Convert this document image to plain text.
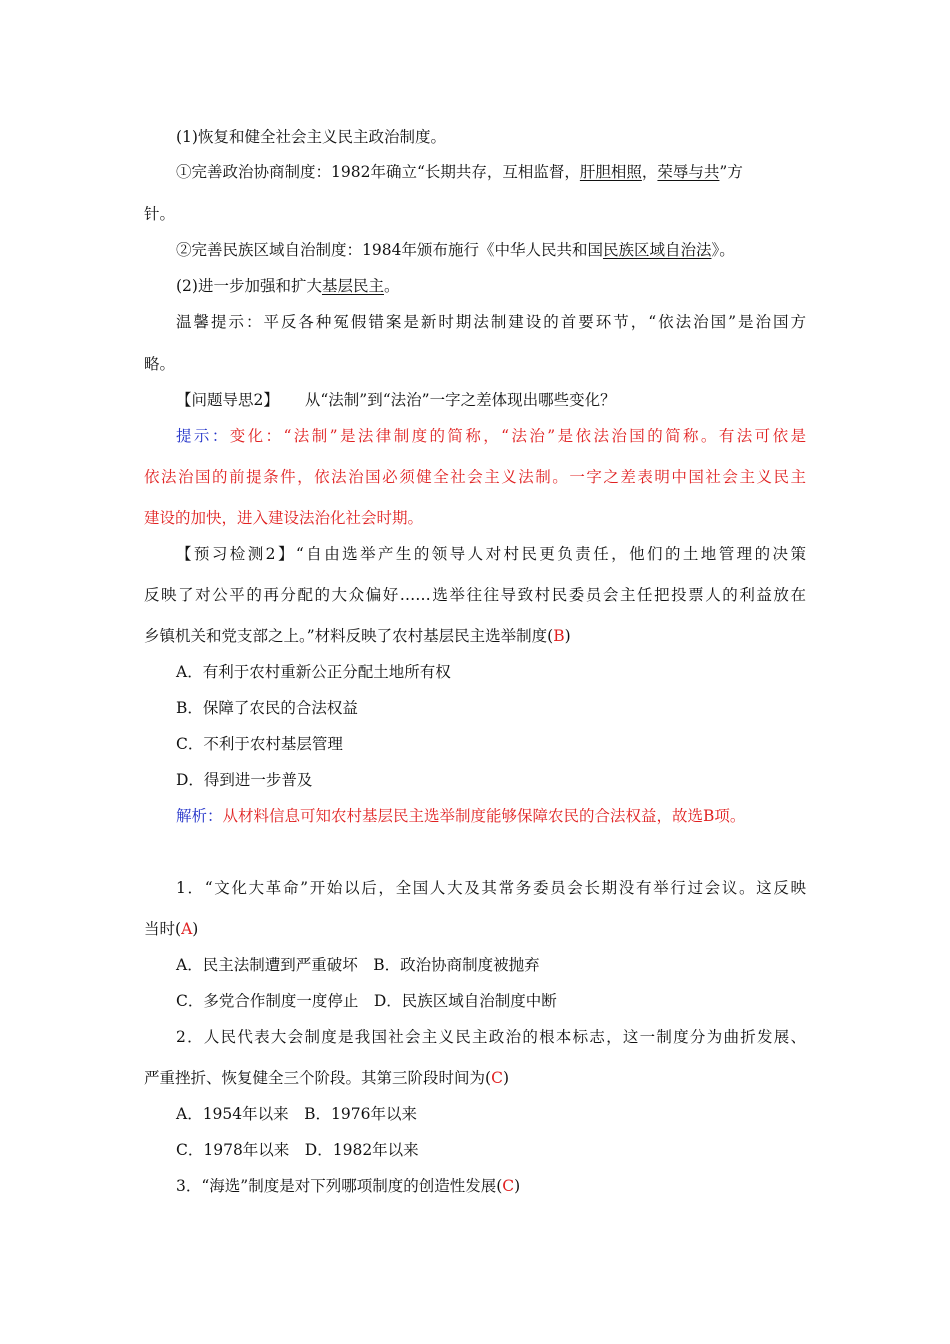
(1)恢复和健全社会主义民主政治制度。
①完善政治协商制度：1982年确立“长期共存，互相监督，肝胆相照，荣辱与共”方
针。
②完善民族区域自治制度：1984年颁布施行《中华人民共和国民族区域自治法》。
(2)进一步加强和扩大基层民主。
温馨提示：平反各种冤假错案是新时期法制建设的首要环节，“依法治国”是治国方
略。
【问题导思2】 从“法制”到“法治”一字之差体现出哪些变化？
提示：变化：“法制”是法律制度的简称，“法治”是依法治国的简称。有法可依是
依法治国的前提条件，依法治国必须健全社会主义法制。一字之差表明中国社会主义民主
建设的加快，进入建设法治化社会时期。
【预习检测2】“自由选举产生的领导人对村民更负责任，他们的土地管理的决策
反映了对公平的再分配的大众偏好……选举往往导致村民委员会主任把投票人的利益放在
乡镇机关和党支部之上。”材料反映了农村基层民主选举制度(B)
A．有利于农村重新公正分配土地所有权
B．保障了农民的合法权益
C．不利于农村基层管理
D．得到进一步普及
解析：从材料信息可知农村基层民主选举制度能够保障农民的合法权益，故选B项。
1．“文化大革命”开始以后，全国人大及其常务委员会长期没有举行过会议。这反映
当时(A)
A．民主法制遭到严重破坏　B．政治协商制度被抛弃
C．多党合作制度一度停止　D．民族区域自治制度中断
2．人民代表大会制度是我国社会主义民主政治的根本标志，这一制度分为曲折发展、
严重挫折、恢复健全三个阶段。其第三阶段时间为(C)
A．1954年以来　B．1976年以来
C．1978年以来　D．1982年以来
3．“海选”制度是对下列哪项制度的创造性发展(C)
